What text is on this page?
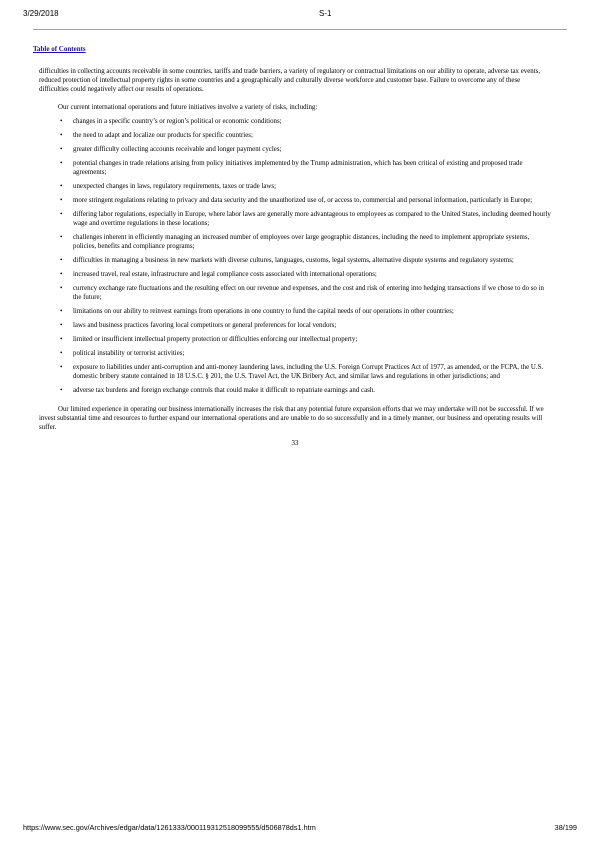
3/29/2018	S-1
Table of Contents

difficulties in collecting accounts receivable in some countries, tariffs and trade barriers, a variety of regulatory or contractual limitations on our ability to operate, adverse tax events, reduced protection of intellectual property rights in some countries and a geographically and culturally diverse workforce and customer base. Failure to overcome any of these difficulties could negatively affect our results of operations.

Our current international operations and future initiatives involve a variety of risks, including:

• changes in a specific country’s or region’s political or economic conditions;
• the need to adapt and localize our products for specific countries;
• greater difficulty collecting accounts receivable and longer payment cycles;
• potential changes in trade relations arising from policy initiatives implemented by the Trump administration, which has been critical of existing and proposed trade agreements;
• unexpected changes in laws, regulatory requirements, taxes or trade laws;
• more stringent regulations relating to privacy and data security and the unauthorized use of, or access to, commercial and personal information, particularly in Europe;
• differing labor regulations, especially in Europe, where labor laws are generally more advantageous to employees as compared to the United States, including deemed hourly wage and overtime regulations in these locations;
• challenges inherent in efficiently managing an increased number of employees over large geographic distances, including the need to implement appropriate systems, policies, benefits and compliance programs;
• difficulties in managing a business in new markets with diverse cultures, languages, customs, legal systems, alternative dispute systems and regulatory systems;
• increased travel, real estate, infrastructure and legal compliance costs associated with international operations;
• currency exchange rate fluctuations and the resulting effect on our revenue and expenses, and the cost and risk of entering into hedging transactions if we chose to do so in the future;
• limitations on our ability to reinvest earnings from operations in one country to fund the capital needs of our operations in other countries;
• laws and business practices favoring local competitors or general preferences for local vendors;
• limited or insufficient intellectual property protection or difficulties enforcing our intellectual property;
• political instability or terrorist activities;
• exposure to liabilities under anti-corruption and anti-money laundering laws, including the U.S. Foreign Corrupt Practices Act of 1977, as amended, or the FCPA, the U.S. domestic bribery statute contained in 18 U.S.C. § 201, the U.S. Travel Act, the UK Bribery Act, and similar laws and regulations in other jurisdictions; and
• adverse tax burdens and foreign exchange controls that could make it difficult to repatriate earnings and cash.

Our limited experience in operating our business internationally increases the risk that any potential future expansion efforts that we may undertake will not be successful. If we invest substantial time and resources to further expand our international operations and are unable to do so successfully and in a timely manner, our business and operating results will suffer.

33

https://www.sec.gov/Archives/edgar/data/1261333/000119312518099555/d506878ds1.htm	38/199
